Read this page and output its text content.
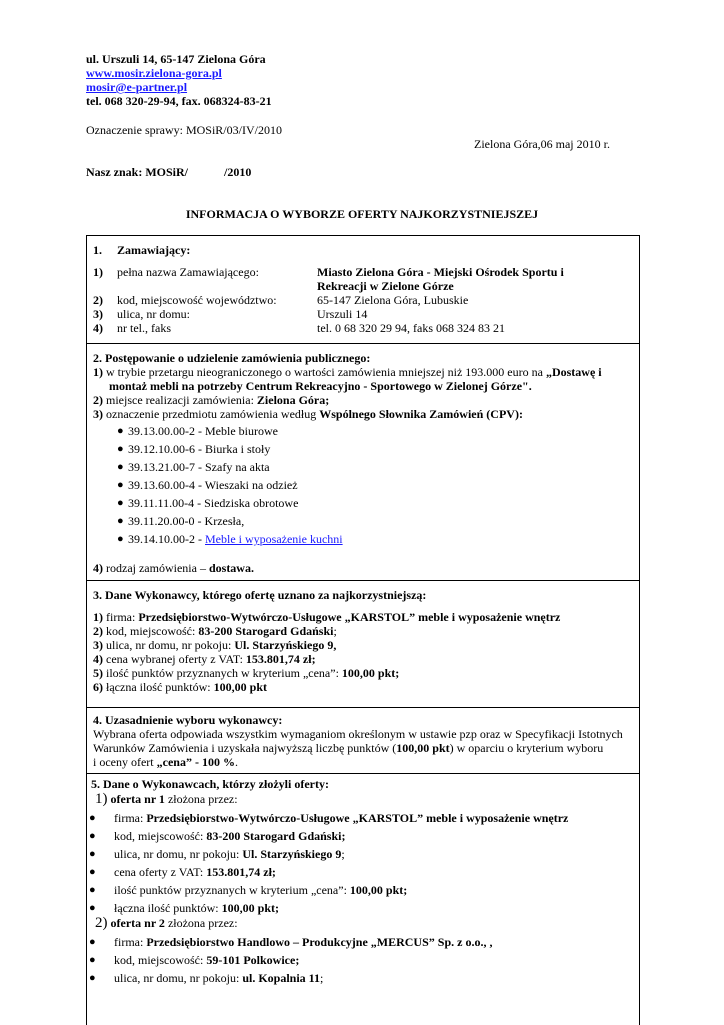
ul. Urszuli 14, 65-147 Zielona Góra
www.mosir.zielona-gora.pl
mosir@e-partner.pl
tel. 068 320-29-94, fax. 068324-83-21
Oznaczenie sprawy: MOSiR/03/IV/2010
Zielona Góra,06 maj 2010 r.
Nasz znak: MOSiR/	/2010
INFORMACJA O WYBORZE OFERTY NAJKORZYSTNIEJSZEJ
1. Zamawiający:
1)	pełna nazwa Zamawiającego:	Miasto Zielona Góra - Miejski Ośrodek Sportu i
Rekreacji w Zielone Górze
2)	kod, miejscowość województwo:	65-147 Zielona Góra, Lubuskie
3)	ulica, nr domu:	Urszuli 14
4)	nr tel., faks	tel. 0 68 320 29 94, faks 068 324 83 21
2. Postępowanie o udzielenie zamówienia publicznego:
1) w trybie przetargu nieograniczonego o wartości zamówienia mniejszej niż 193.000 euro na „Dostawę i
montaż mebli na potrzeby Centrum Rekreacyjno - Sportowego w Zielonej Górze".
2) miejsce realizacji zamówienia: Zielona Góra;
3) oznaczenie przedmiotu zamówienia według Wspólnego Słownika Zamówień (CPV):
● 39.13.00.00-2 - Meble biurowe
● 39.12.10.00-6 - Biurka i stoły
● 39.13.21.00-7 - Szafy na akta
● 39.13.60.00-4 - Wieszaki na odzież
● 39.11.11.00-4 - Siedziska obrotowe
● 39.11.20.00-0 - Krzesła,
● 39.14.10.00-2 - Meble i wyposażenie kuchni
4) rodzaj zamówienia – dostawa.
3. Dane Wykonawcy, którego ofertę uznano za najkorzystniejszą:
1) firma: Przedsiębiorstwo-Wytwórczo-Usługowe „KARSTOL” meble i wyposażenie wnętrz
2) kod, miejscowość: 83-200 Starogard Gdański;
3) ulica, nr domu, nr pokoju: Ul. Starzyńskiego 9,
4) cena wybranej oferty z VAT: 153.801,74 zł;
5) ilość punktów przyznanych w kryterium „cena”: 100,00 pkt;
6) łączna ilość punktów: 100,00 pkt
4. Uzasadnienie wyboru wykonawcy:
Wybrana oferta odpowiada wszystkim wymaganiom określonym w ustawie pzp oraz w Specyfikacji Istotnych
Warunków Zamówienia i uzyskała najwyższą liczbę punktów (100,00 pkt) w oparciu o kryterium wyboru
i oceny ofert „cena” - 100 %.
5. Dane o Wykonawcach, którzy złożyli oferty:
1) oferta nr 1 złożona przez:
● firma: Przedsiębiorstwo-Wytwórczo-Usługowe „KARSTOL” meble i wyposażenie wnętrz
● kod, miejscowość: 83-200 Starogard Gdański;
● ulica, nr domu, nr pokoju: Ul. Starzyńskiego 9;
● cena oferty z VAT: 153.801,74 zł;
● ilość punktów przyznanych w kryterium „cena”: 100,00 pkt;
● łączna ilość punktów: 100,00 pkt;
2) oferta nr 2 złożona przez:
● firma: Przedsiębiorstwo Handlowo – Produkcyjne „MERCUS” Sp. z o.o., ,
● kod, miejscowość: 59-101 Polkowice;
● ulica, nr domu, nr pokoju: ul. Kopalnia 11;
